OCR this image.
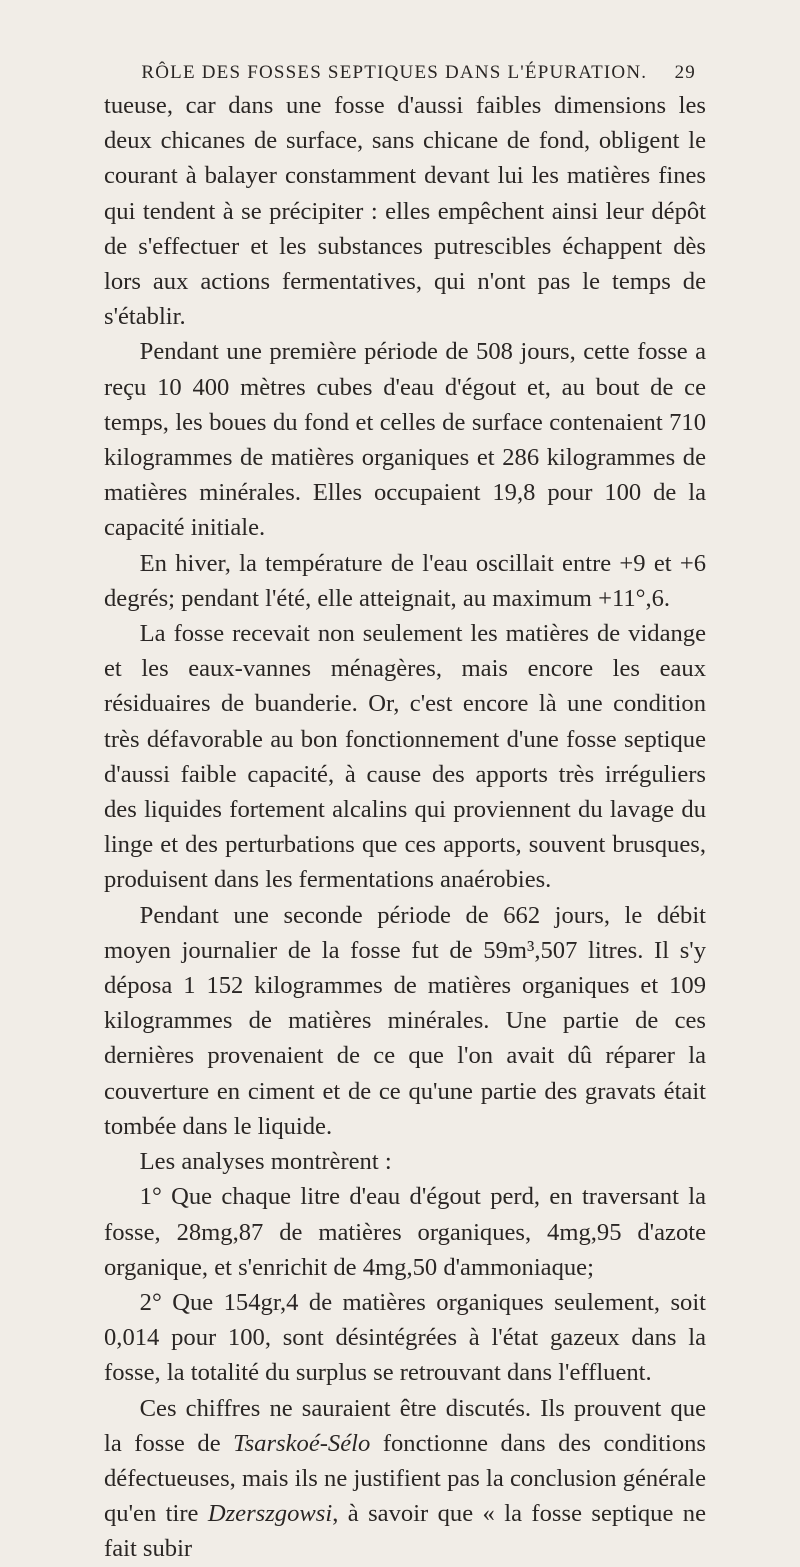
RÔLE DES FOSSES SEPTIQUES DANS L'ÉPURATION.	29

tueuse, car dans une fosse d'aussi faibles dimensions les deux chicanes de surface, sans chicane de fond, obligent le courant à balayer constamment devant lui les matières fines qui tendent à se précipiter : elles empêchent ainsi leur dépôt de s'effectuer et les substances putrescibles échappent dès lors aux actions fermentatives, qui n'ont pas le temps de s'établir.

Pendant une première période de 508 jours, cette fosse a reçu 10 400 mètres cubes d'eau d'égout et, au bout de ce temps, les boues du fond et celles de surface contenaient 710 kilogrammes de matières organiques et 286 kilogrammes de matières minérales. Elles occupaient 19,8 pour 100 de la capacité initiale.

En hiver, la température de l'eau oscillait entre +9 et +6 degrés; pendant l'été, elle atteignait, au maximum +11°,6.

La fosse recevait non seulement les matières de vidange et les eaux-vannes ménagères, mais encore les eaux résiduaires de buanderie. Or, c'est encore là une condition très défavorable au bon fonctionnement d'une fosse septique d'aussi faible capacité, à cause des apports très irréguliers des liquides fortement alcalins qui proviennent du lavage du linge et des perturbations que ces apports, souvent brusques, produisent dans les fermentations anaérobies.

Pendant une seconde période de 662 jours, le débit moyen journalier de la fosse fut de 59m³,507 litres. Il s'y déposa 1 152 kilogrammes de matières organiques et 109 kilogrammes de matières minérales. Une partie de ces dernières provenaient de ce que l'on avait dû réparer la couverture en ciment et de ce qu'une partie des gravats était tombée dans le liquide.

Les analyses montrèrent :

1° Que chaque litre d'eau d'égout perd, en traversant la fosse, 28mg,87 de matières organiques, 4mg,95 d'azote organique, et s'enrichit de 4mg,50 d'ammoniaque;

2° Que 154gr,4 de matières organiques seulement, soit 0,014 pour 100, sont désintégrées à l'état gazeux dans la fosse, la totalité du surplus se retrouvant dans l'effluent.

Ces chiffres ne sauraient être discutés. Ils prouvent que la fosse de Tsarskoé-Sélo fonctionne dans des conditions défectueuses, mais ils ne justifient pas la conclusion générale qu'en tire Dzerszgowsi, à savoir que « la fosse septique ne fait subir
